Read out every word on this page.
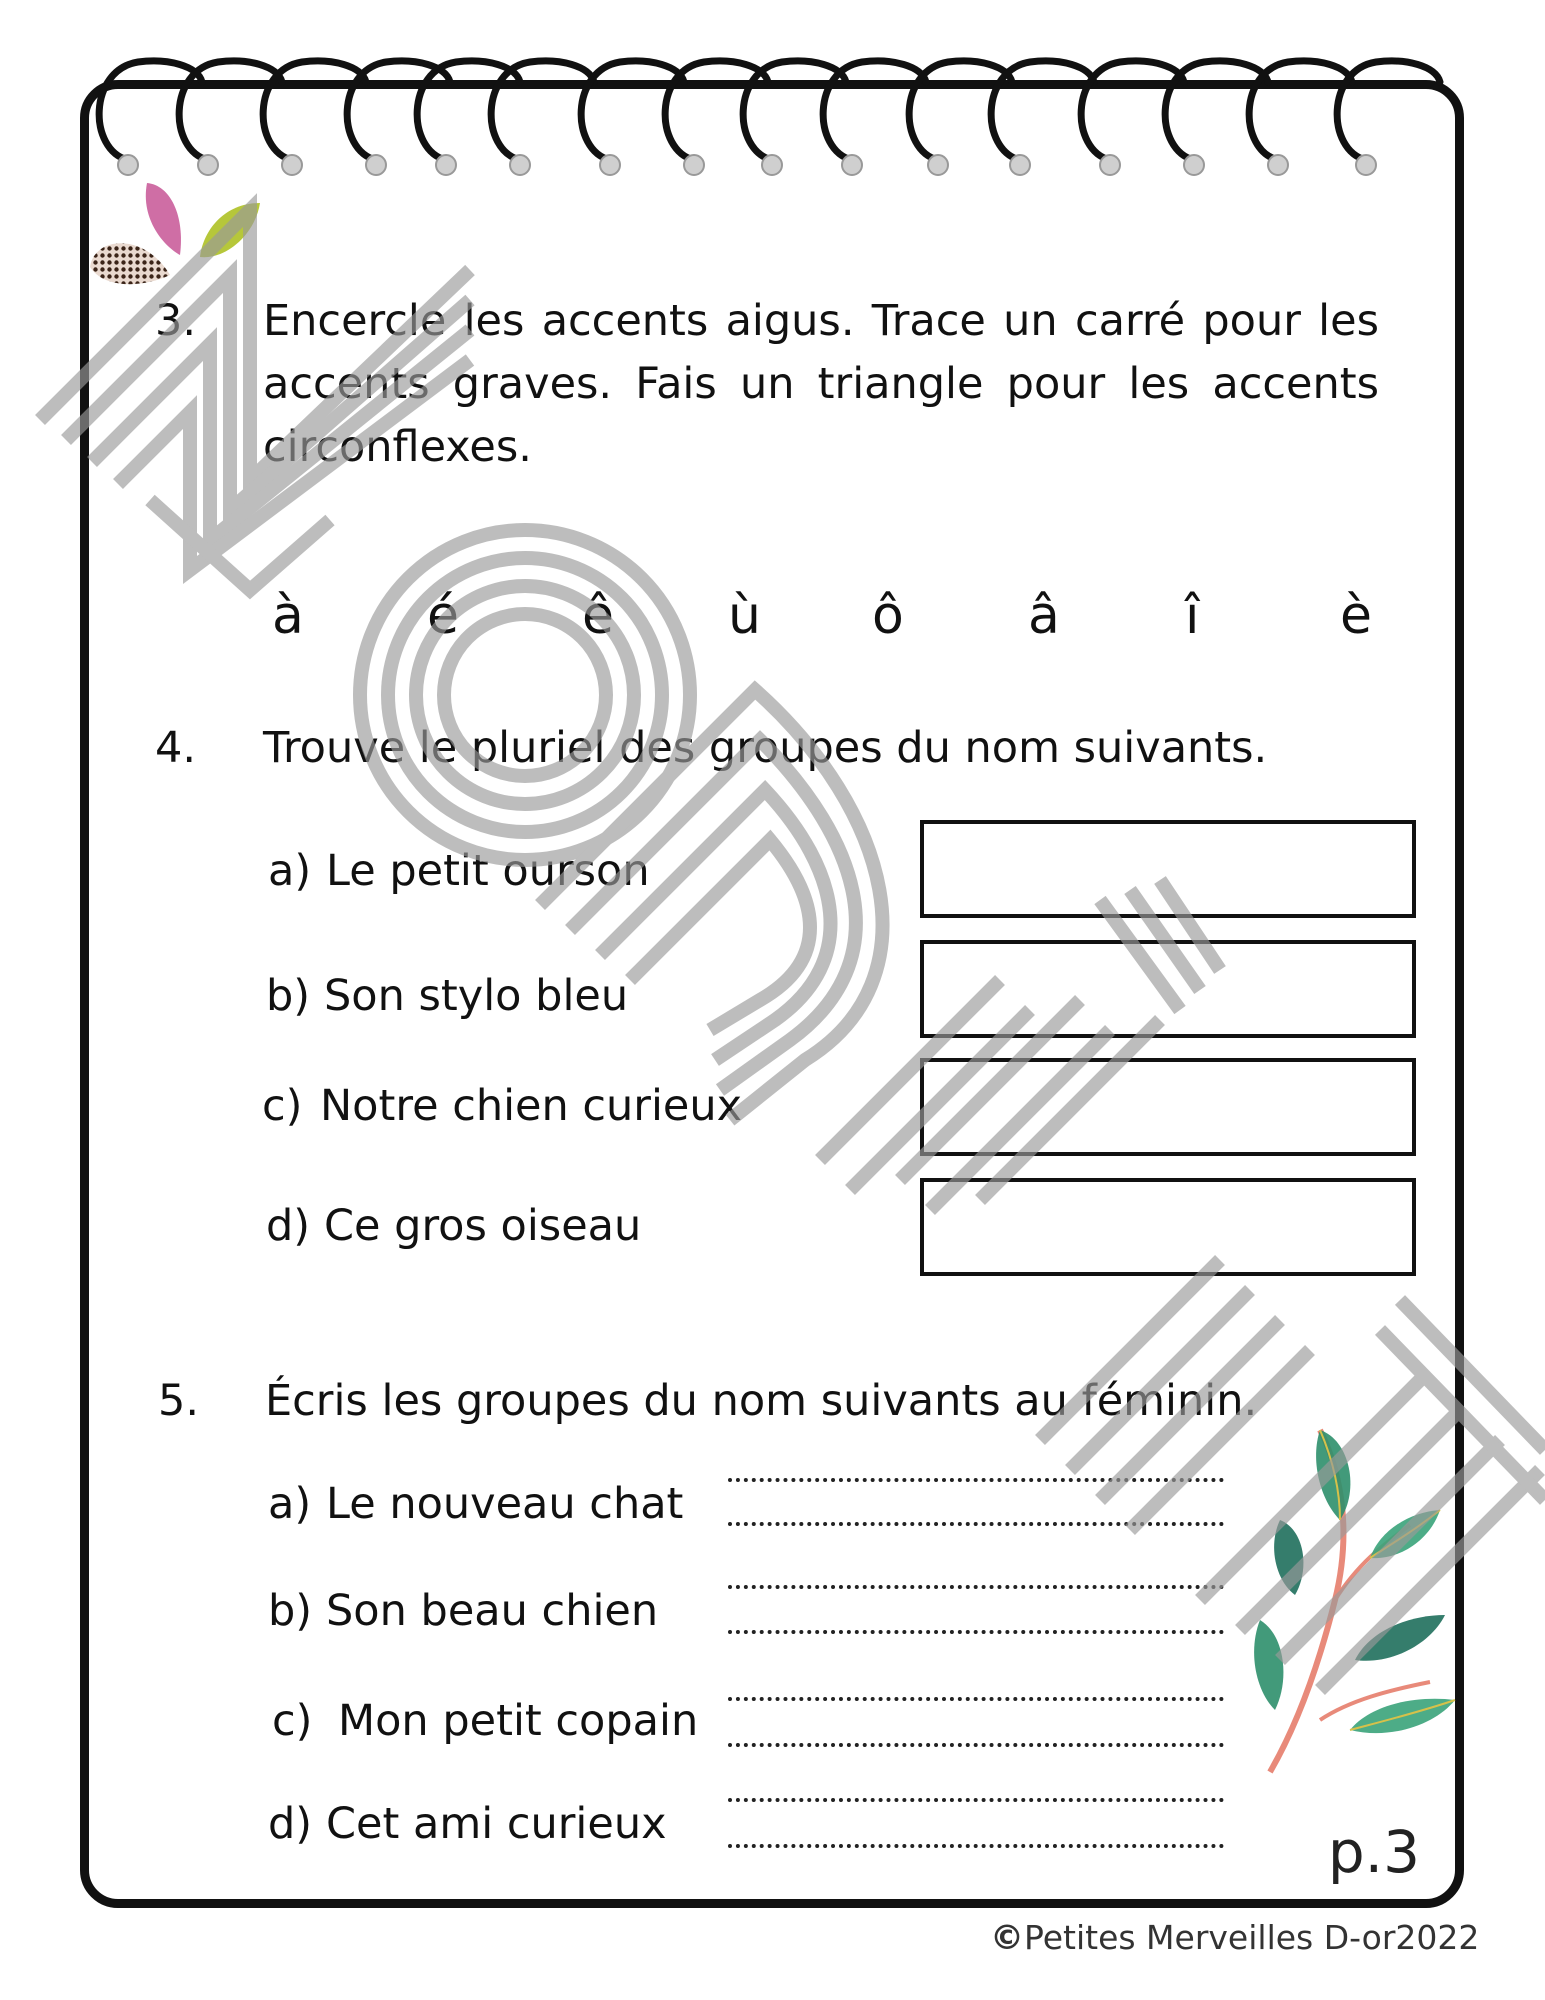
3. Encercle les accents aigus. Trace un carré pour les accents graves. Fais un triangle pour les accents circonflexes.
à é ê ù ô â î	è
4. Trouve le pluriel des groupes du nom suivants.
a) Le petit ourson
b) Son stylo bleu
c) Notre chien curieux
d) Ce gros oiseau
5. Écris les groupes du nom suivants au féminin.
a) Le nouveau chat
b) Son beau chien
c) Mon petit copain
d) Cet ami curieux	p.3
©Petites Merveilles D-or2022
